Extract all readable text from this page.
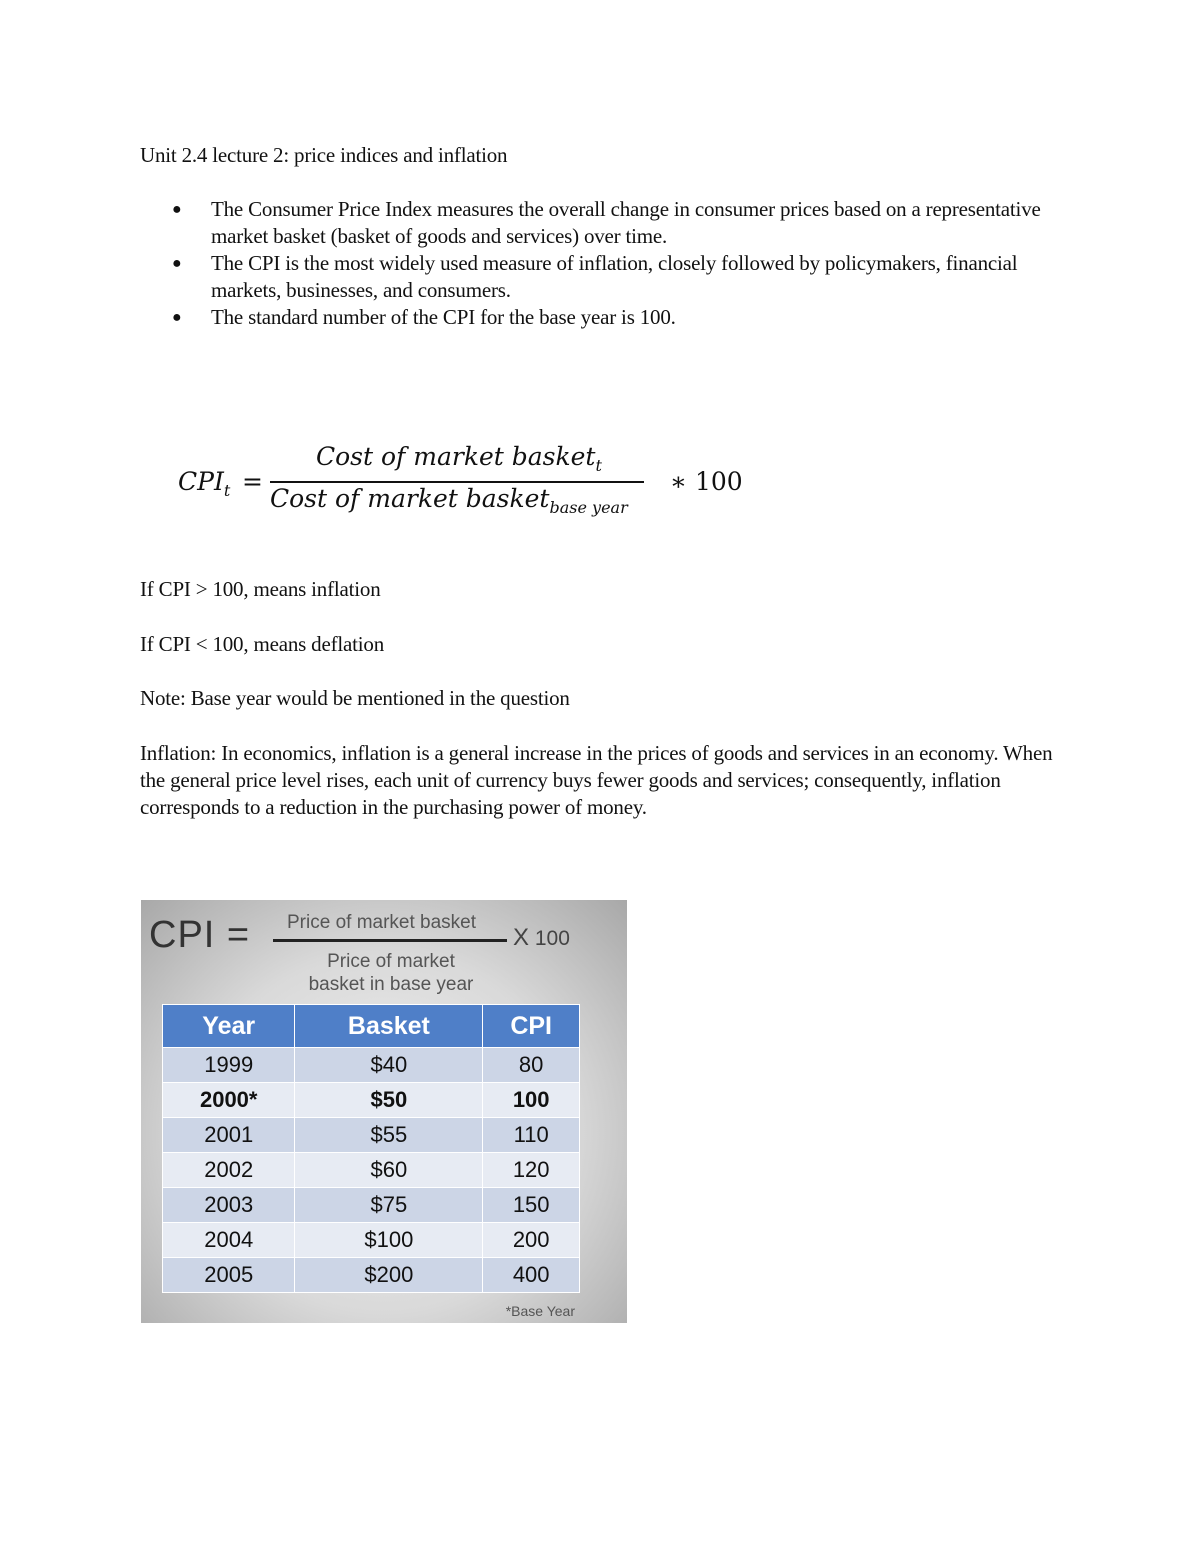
Unit 2.4 lecture 2: price indices and inflation
● The Consumer Price Index measures the overall change in consumer prices based on a representative market basket (basket of goods and services) over time.
● The CPI is the most widely used measure of inflation, closely followed by policymakers, financial markets, businesses, and consumers.
● The standard number of the CPI for the base year is 100.
$CPI_t$ =
Cost of market basket$_t$
Cost of market basket$_{base year}$
∗ 100
If CPI > 100, means inflation
If CPI < 100, means deflation
Note: Base year would be mentioned in the question
Inflation: In economics, inflation is a general increase in the prices of goods and services in an economy. When the general price level rises, each unit of currency buys fewer goods and services; consequently, inflation corresponds to a reduction in the purchasing power of money.
CPI = Price of market basket
Price of market
basket in base year
X 100
Year	Basket	CPI
1999	$40	80
2000*	$50	100
2001	$55	110
2002	$60	120
2003	$75	150
2004	$100	200
2005	$200	400
*Base Year
